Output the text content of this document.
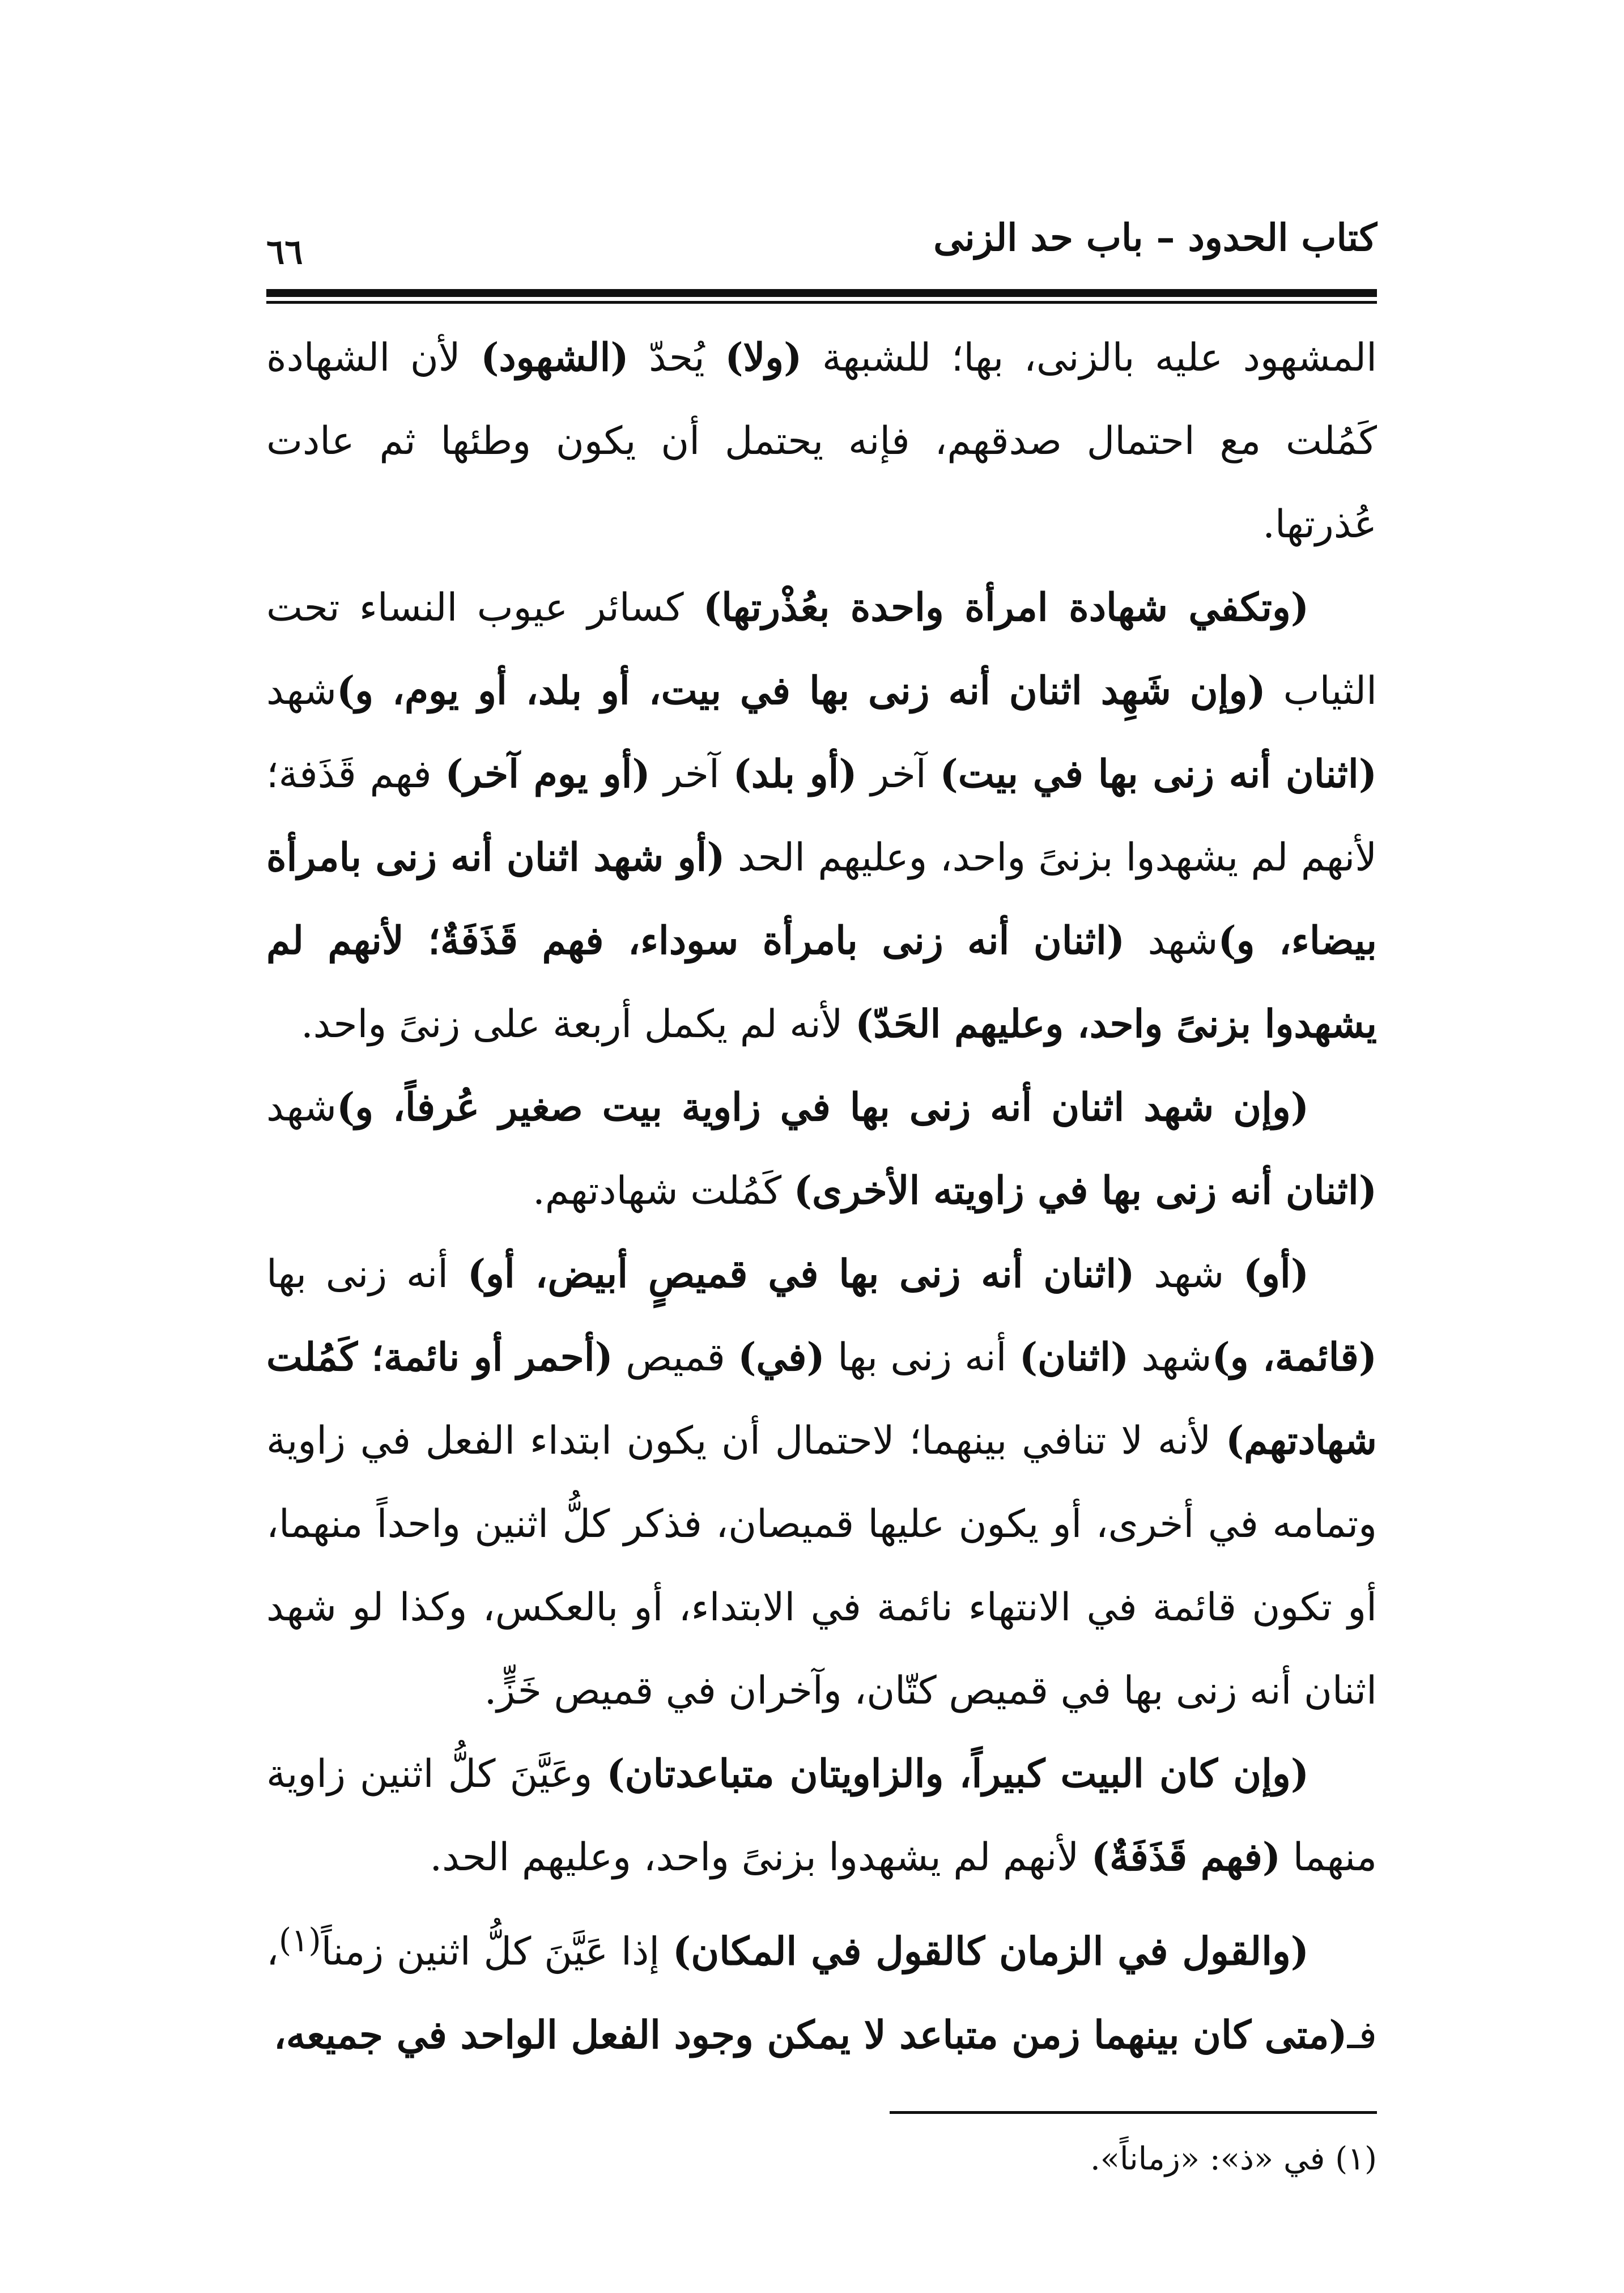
كتاب الحدود – باب حد الزنى
٦٦

المشهود عليه بالزنى، بها؛ للشبهة (ولا) يُحدّ (الشهود) لأن الشهادة كَمُلت مع احتمال صدقهم، فإنه يحتمل أن يكون وطئها ثم عادت عُذرتها.

(وتكفي شهادة امرأة واحدة بعُذْرتها) كسائر عيوب النساء تحت الثياب (وإن شَهِد اثنان أنه زنى بها في بيت، أو بلد، أو يوم، و)شهد (اثنان أنه زنى بها في بيت) آخر (أو بلد) آخر (أو يوم آخر) فهم قَذَفة؛ لأنهم لم يشهدوا بزنىً واحد، وعليهم الحد (أو شهد اثنان أنه زنى بامرأة بيضاء، و)شهد (اثنان أنه زنى بامرأة سوداء، فهم قَذَفَةٌ؛ لأنهم لم يشهدوا بزنىً واحد، وعليهم الحَدّ) لأنه لم يكمل أربعة على زنىً واحد.

(وإن شهد اثنان أنه زنى بها في زاوية بيت صغير عُرفاً، و)شهد (اثنان أنه زنى بها في زاويته الأخرى) كَمُلت شهادتهم.

(أو) شهد (اثنان أنه زنى بها في قميصٍ أبيض، أو) أنه زنى بها (قائمة، و)شهد (اثنان) أنه زنى بها (في) قميص (أحمر أو نائمة؛ كَمُلت شهادتهم) لأنه لا تنافي بينهما؛ لاحتمال أن يكون ابتداء الفعل في زاوية وتمامه في أخرى، أو يكون عليها قميصان، فذكر كلُّ اثنين واحداً منهما، أو تكون قائمة في الانتهاء نائمة في الابتداء، أو بالعكس، وكذا لو شهد اثنان أنه زنى بها في قميص كتّان، وآخران في قميص خَزٍّ.

(وإن كان البيت كبيراً، والزاويتان متباعدتان) وعَيَّنَ كلُّ اثنين زاوية منهما (فهم قَذَفَةٌ) لأنهم لم يشهدوا بزنىً واحد، وعليهم الحد.

(والقول في الزمان كالقول في المكان) إذا عَيَّنَ كلُّ اثنين زمناً$^{(١)}$، فـ(متى كان بينهما زمن متباعد لا يمكن وجود الفعل الواحد في جميعه،

(١) في «ذ»: «زماناً».
